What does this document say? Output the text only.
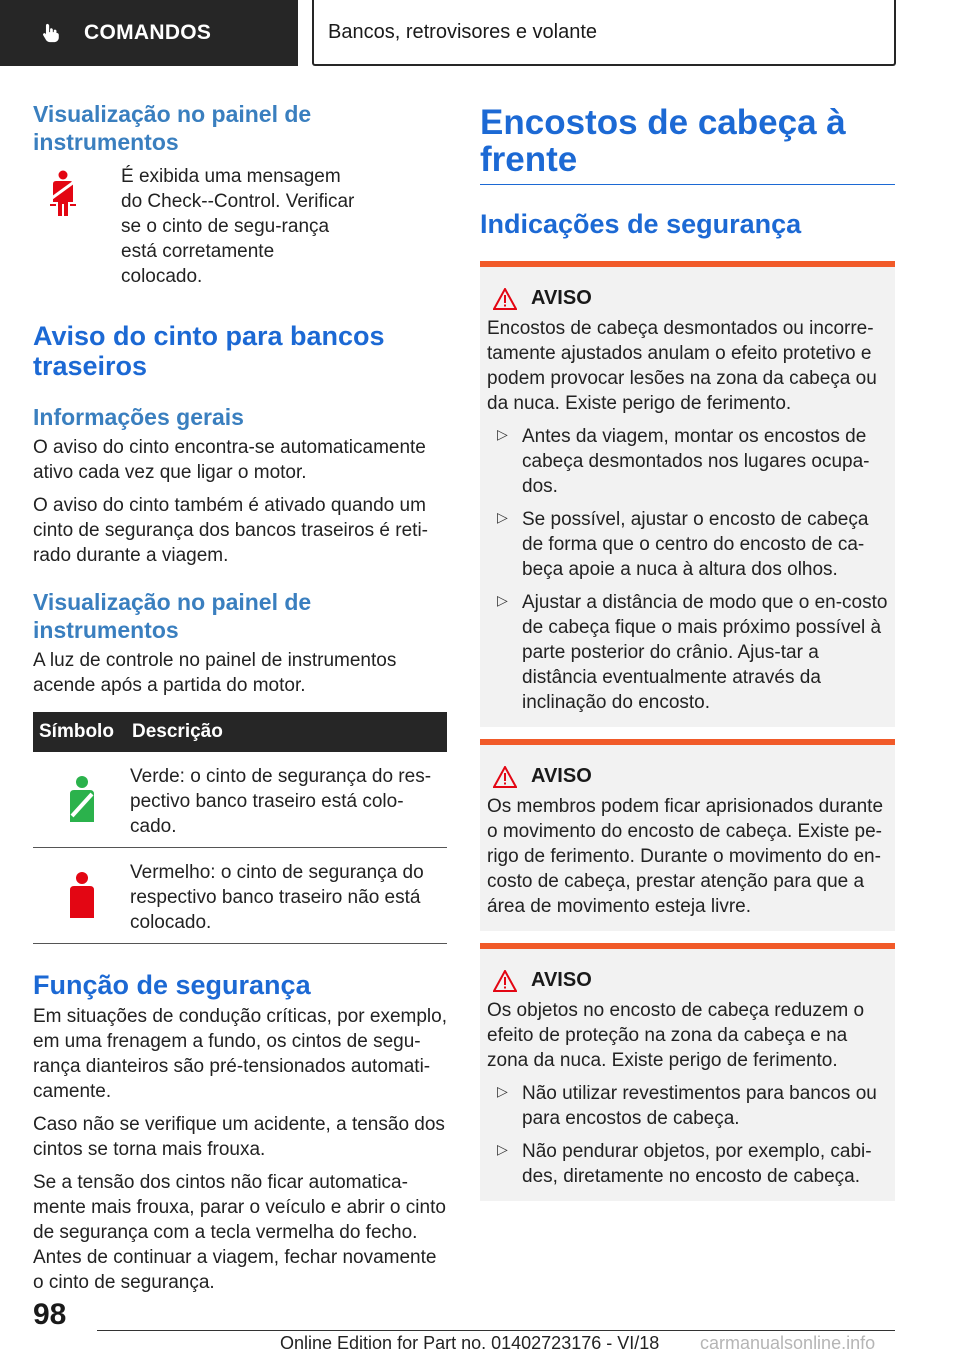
COMANDOS	Bancos, retrovisores e volante
Visualização no painel de instrumentos

É exibida uma mensagem do Check--Control. Verificar se o cinto de segu-rança está corretamente colocado.

Aviso do cinto para bancos traseiros
Informações gerais

O aviso do cinto encontra-se automaticamente ativo cada vez que ligar o motor.

O aviso do cinto também é ativado quando um cinto de segurança dos bancos traseiros é reti-rado durante a viagem.

Visualização no painel de instrumentos

A luz de controle no painel de instrumentos acende após a partida do motor.

Símbolo Descrição

Verde: o cinto de segurança do res-pectivo banco traseiro está colo-cado.

Vermelho: o cinto de segurança do respectivo banco traseiro não está colocado.

Função de segurança

Em situações de condução críticas, por exemplo, em uma frenagem a fundo, os cintos de segu-rança dianteiros são pré-tensionados automati-camente.

Caso não se verifique um acidente, a tensão dos cintos se torna mais frouxa.

Se a tensão dos cintos não ficar automatica-mente mais frouxa, parar o veículo e abrir o cinto de segurança com a tecla vermelha do fecho. Antes de continuar a viagem, fechar novamente o cinto de segurança.

Encostos de cabeça à frente
Indicações de segurança
AVISO

Encostos de cabeça desmontados ou incorre-tamente ajustados anulam o efeito protetivo e podem provocar lesões na zona da cabeça ou da nuca. Existe perigo de ferimento.

▷ Antes da viagem, montar os encostos de cabeça desmontados nos lugares ocupa-dos.

▷ Se possível, ajustar o encosto de cabeça de forma que o centro do encosto de ca-beça apoie a nuca à altura dos olhos.

▷ Ajustar a distância de modo que o en-costo de cabeça fique o mais próximo possível à parte posterior do crânio. Ajus-tar a distância eventualmente através da inclinação do encosto.

AVISO

Os membros podem ficar aprisionados durante o movimento do encosto de cabeça. Existe pe-rigo de ferimento. Durante o movimento do en-costo de cabeça, prestar atenção para que a área de movimento esteja livre.

AVISO

Os objetos no encosto de cabeça reduzem o efeito de proteção na zona da cabeça e na zona da nuca. Existe perigo de ferimento.

▷ Não utilizar revestimentos para bancos ou para encostos de cabeça.

▷ Não pendurar objetos, por exemplo, cabi-des, diretamente no encosto de cabeça.

98
Online Edition for Part no. 01402723176 - VI/18 carmanualsonline.info
